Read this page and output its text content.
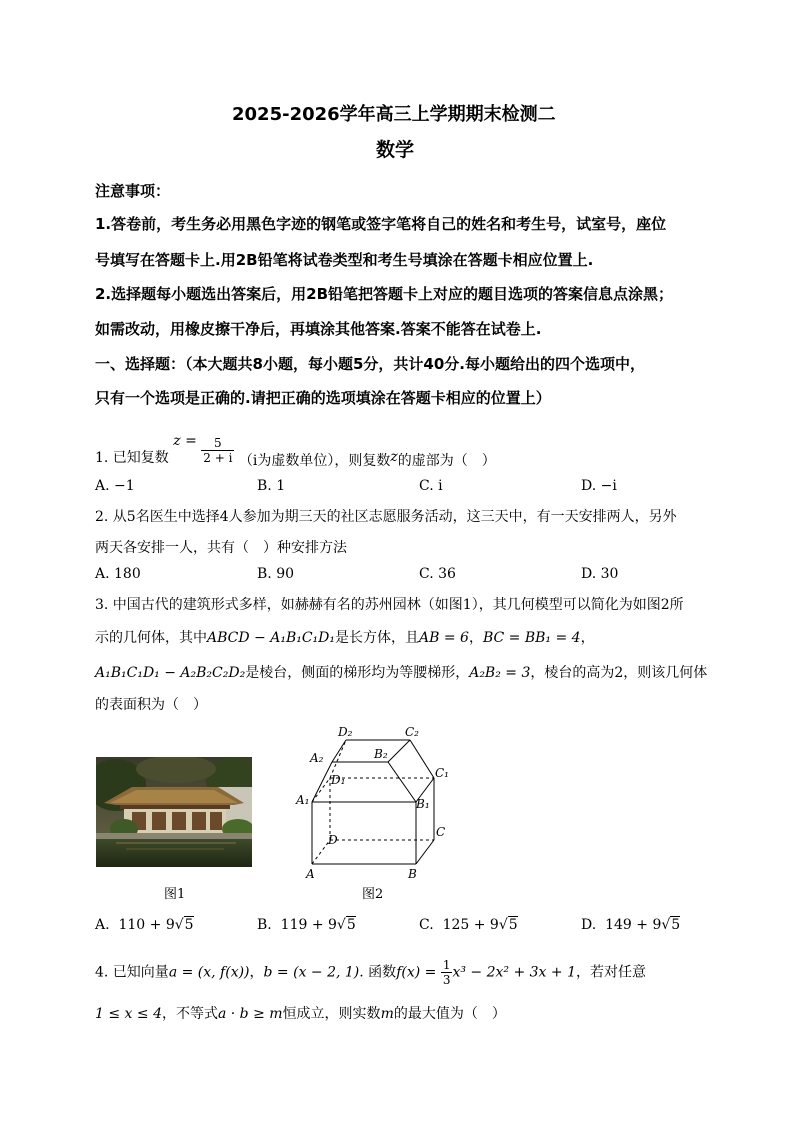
2025-2026学年高三上学期期末检测二
数学
注意事项：
1.答卷前，考生务必用黑色字迹的钢笔或签字笔将自己的姓名和考生号，试室号，座位
号填写在答题卡上.用2B铅笔将试卷类型和考生号填涂在答题卡相应位置上.
2.选择题每小题选出答案后，用2B铅笔把答题卡上对应的题目选项的答案信息点涂黑；
如需改动，用橡皮擦干净后，再填涂其他答案.答案不能答在试卷上.
一、选择题：（本大题共8小题，每小题5分，共计40分.每小题给出的四个选项中，
只有一个选项是正确的.请把正确的选项填涂在答题卡相应的位置上）
1. 已知复数 $z = \frac{5}{2 + i} (i$为虚数单位），则复数z的虚部为（　）
A. −1	B. 1	C. i	D. −i
2. 从5名医生中选择4人参加为期三天的社区志愿服务活动，这三天中，有一天安排两人，另外
两天各安排一人，共有（　）种安排方法
A. 180	B. 90	C. 36	D. 30
3. 中国古代的建筑形式多样，如赫赫有名的苏州园林（如图1），其几何模型可以简化为如图2所
示的几何体，其中ABCD − A₁B₁C₁D₁是长方体，且AB = 6，BC = BB₁ = 4，
A₁B₁C₁D₁ − A₂B₂C₂D₂是棱台，侧面的梯形均为等腰梯形，A₂B₂ = 3，棱台的高为2，则该几何体
的表面积为（　）
图1
D₂	C₂
A₂	B₂
D₁	C₁
A₁	B₁
C
D
A	B
图2
A. 110 + 9√5	B. 119 + 9√5	C. 125 + 9√5	D. 149 + 9√5
4. 已知向量a = (x, f(x))，b = (x − 2, 1). 函数$f(x) = \frac{1}{3} x^3 - 2x^2 + 3x + 1$，若对任意
1 ≤ x ≤ 4，不等式a · b ≥ m恒成立，则实数m的最大值为（　）
